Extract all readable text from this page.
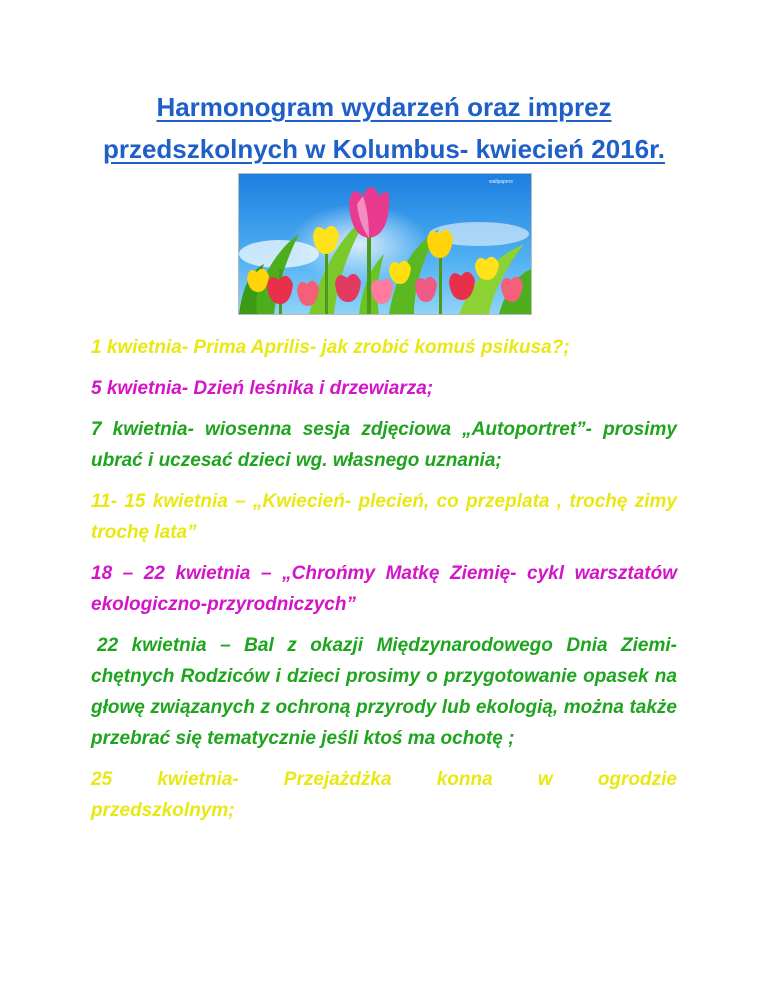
Harmonogram wydarzeń oraz imprez
przedszkolnych w Kolumbus- kwiecień 2016r.
wallpapers

1 kwietnia- Prima Aprilis- jak zrobić komuś psikusa?;

5 kwietnia- Dzień leśnika i drzewiarza;

7 kwietnia- wiosenna sesja zdjęciowa „Autoportret”- prosimy ubrać i uczesać dzieci wg. własnego uznania;

11- 15 kwietnia – „Kwiecień- plecień, co przeplata , trochę zimy trochę lata”

18 – 22 kwietnia – „Chrońmy Matkę Ziemię- cykl warsztatów ekologiczno-przyrodniczych”

22 kwietnia – Bal z okazji Międzynarodowego Dnia Ziemi- chętnych Rodziców i dzieci prosimy o przygotowanie opasek na głowę związanych z ochroną przyrody lub ekologią, można także przebrać się tematycznie jeśli ktoś ma ochotę ;

25 kwietnia- Przejażdżka konna w ogrodzie
przedszkolnym;
